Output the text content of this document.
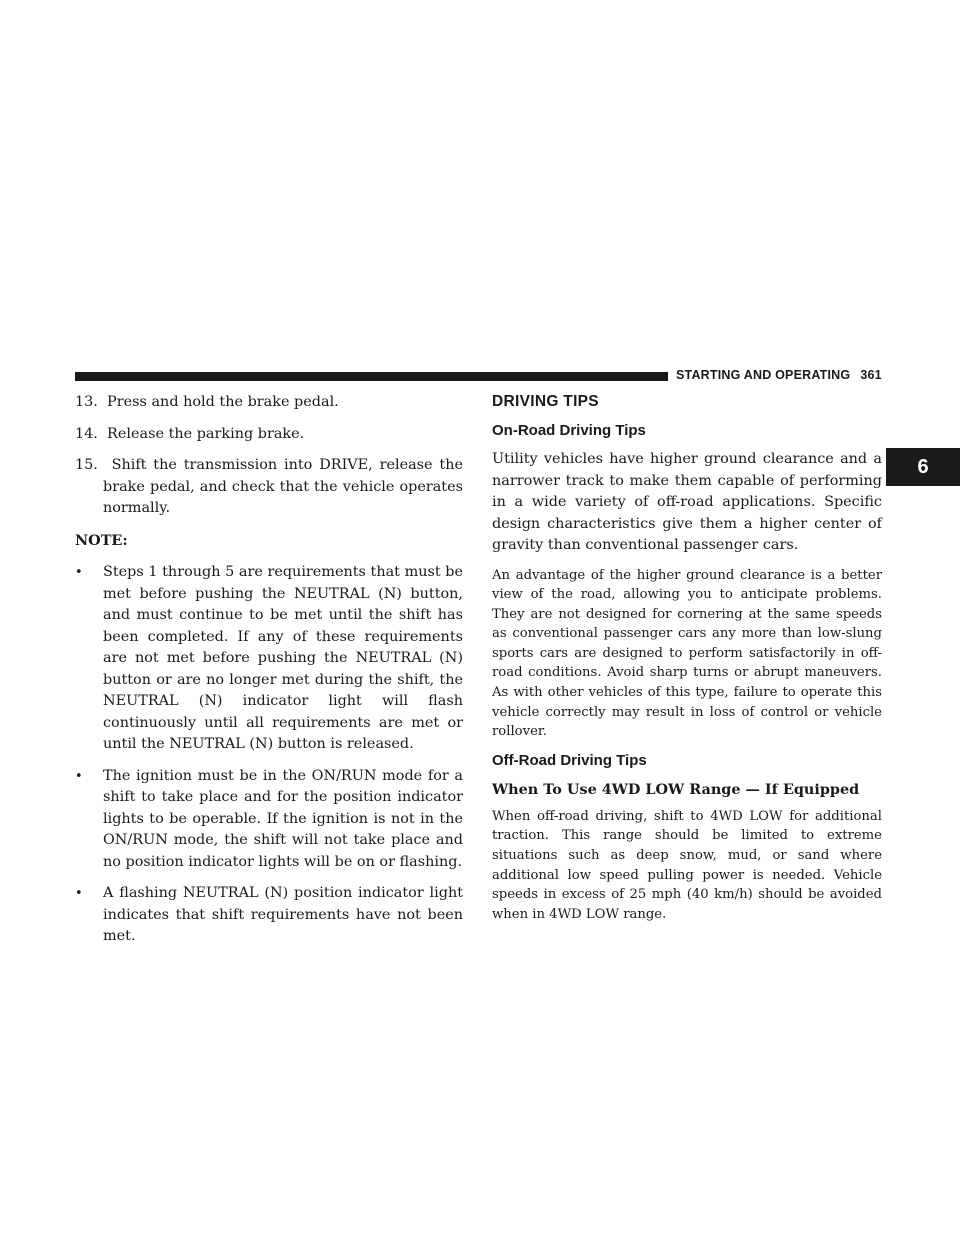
STARTING AND OPERATING 361
6
13. Press and hold the brake pedal.
14. Release the parking brake.
15. Shift the transmission into DRIVE, release the brake pedal, and check that the vehicle operates normally.
NOTE:
•	Steps 1 through 5 are requirements that must be met before pushing the NEUTRAL (N) button, and must continue to be met until the shift has been completed. If any of these requirements are not met before pushing the NEUTRAL (N) button or are no longer met during the shift, the NEUTRAL (N) indicator light will flash continuously until all requirements are met or until the NEUTRAL (N) button is released.
•	The ignition must be in the ON/RUN mode for a shift to take place and for the position indicator lights to be operable. If the ignition is not in the ON/RUN mode, the shift will not take place and no position indicator lights will be on or flashing.
•	A flashing NEUTRAL (N) position indicator light indicates that shift requirements have not been met.
DRIVING TIPS
On-Road Driving Tips

Utility vehicles have higher ground clearance and a narrower track to make them capable of performing in a wide variety of off-road applications. Specific design characteristics give them a higher center of gravity than conventional passenger cars.

An advantage of the higher ground clearance is a better view of the road, allowing you to anticipate problems. They are not designed for cornering at the same speeds as conventional passenger cars any more than low-slung sports cars are designed to perform satisfactorily in off-road conditions. Avoid sharp turns or abrupt maneuvers. As with other vehicles of this type, failure to operate this vehicle correctly may result in loss of control or vehicle rollover.

Off-Road Driving Tips
When To Use 4WD LOW Range — If Equipped

When off-road driving, shift to 4WD LOW for additional traction. This range should be limited to extreme situations such as deep snow, mud, or sand where additional low speed pulling power is needed. Vehicle speeds in excess of 25 mph (40 km/h) should be avoided when in 4WD LOW range.
